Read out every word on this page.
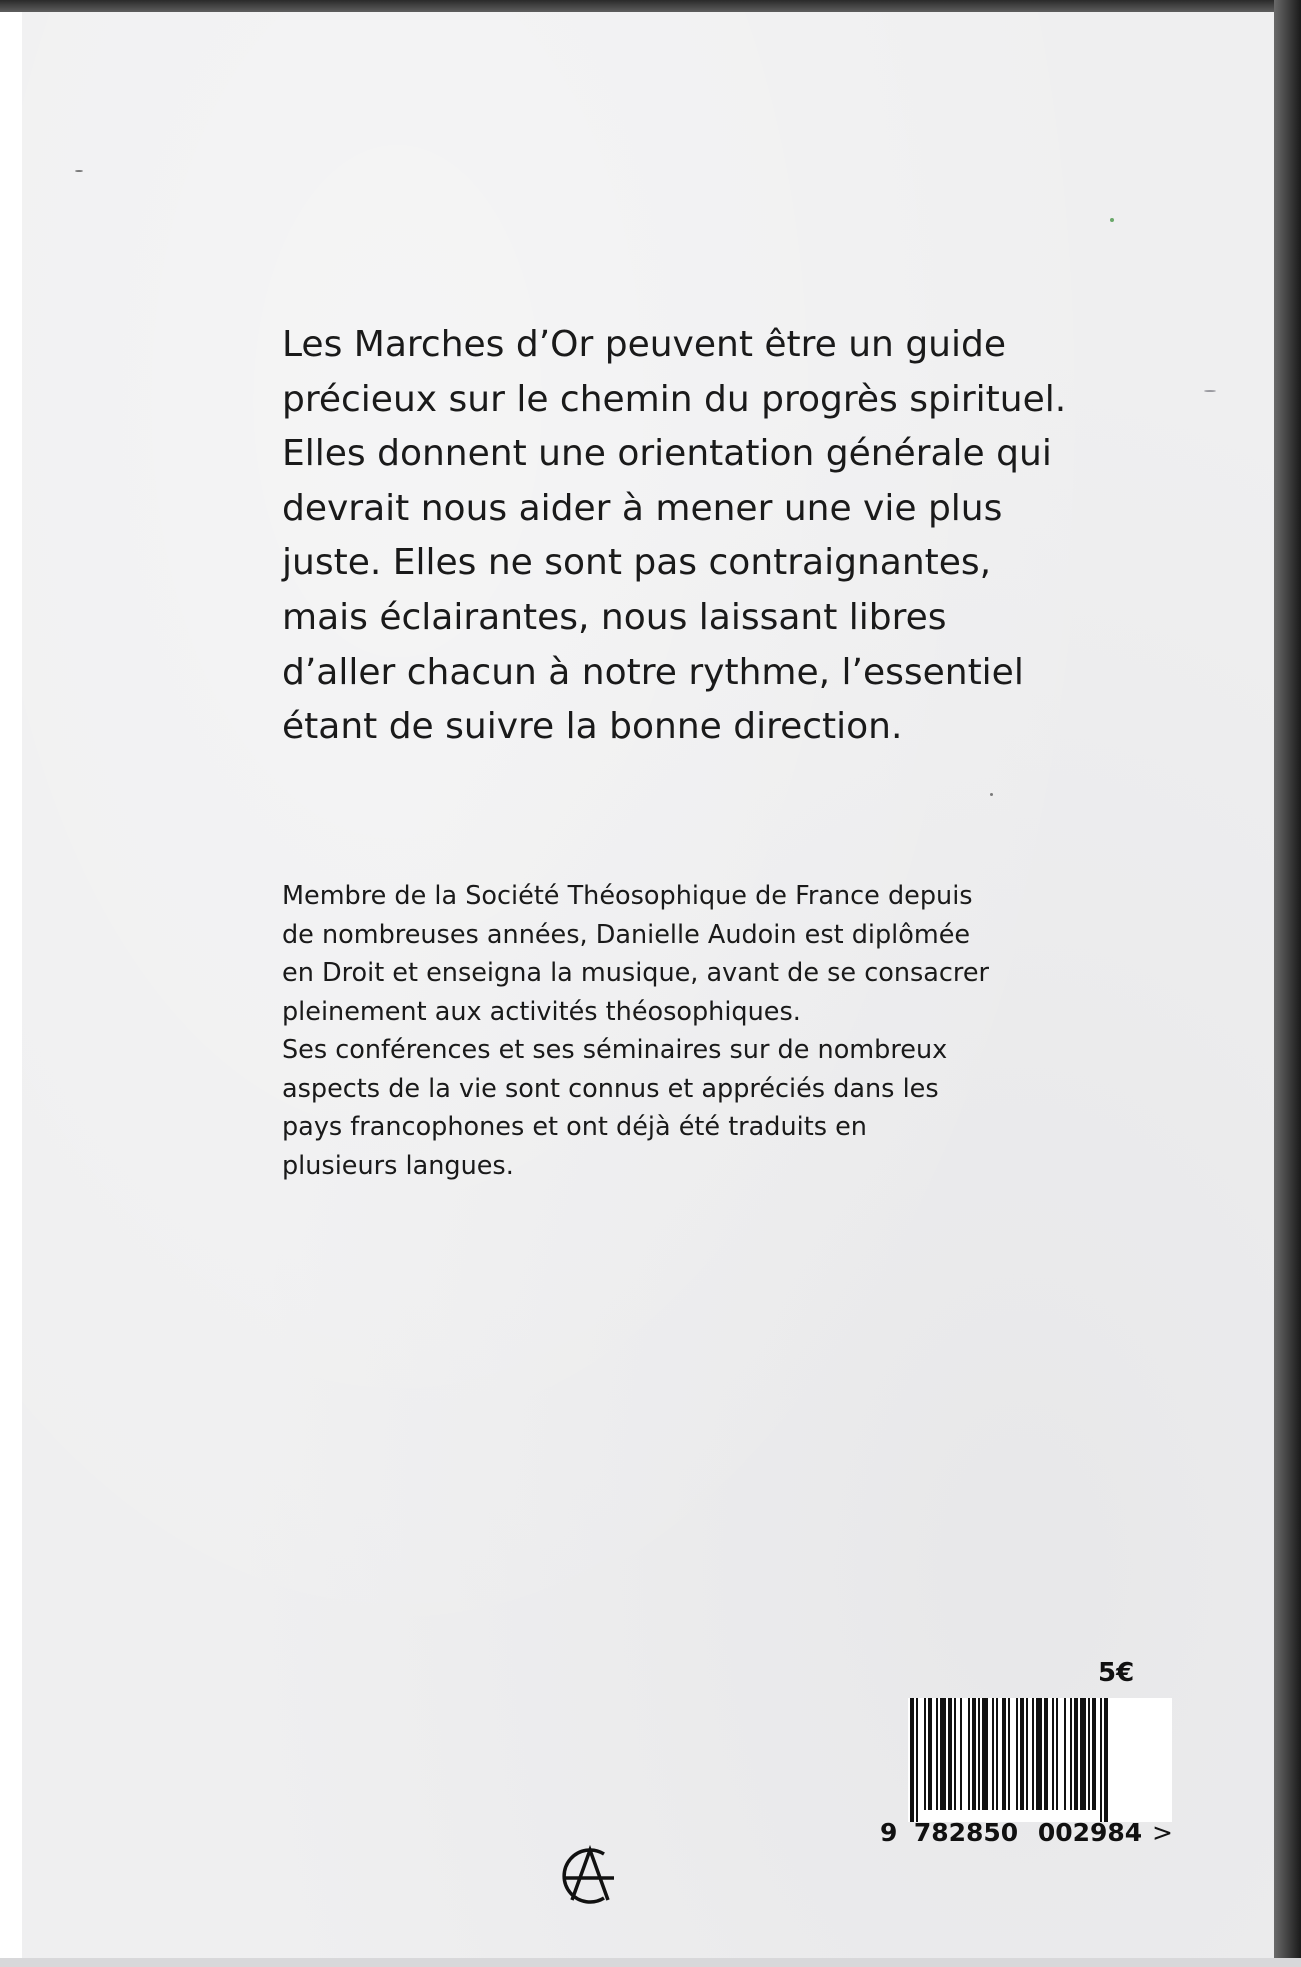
Les Marches d’Or peuvent être un guide
précieux sur le chemin du progrès spirituel.
Elles donnent une orientation générale qui
devrait nous aider à mener une vie plus
juste. Elles ne sont pas contraignantes,
mais éclairantes, nous laissant libres
d’aller chacun à notre rythme, l’essentiel
étant de suivre la bonne direction.
Membre de la Société Théosophique de France depuis
de nombreuses années, Danielle Audoin est diplômée
en Droit et enseigna la musique, avant de se consacrer
pleinement aux activités théosophiques.
Ses conférences et ses séminaires sur de nombreux
aspects de la vie sont connus et appréciés dans les
pays francophones et ont déjà été traduits en
plusieurs langues.
5€
9 782850 002984 >
